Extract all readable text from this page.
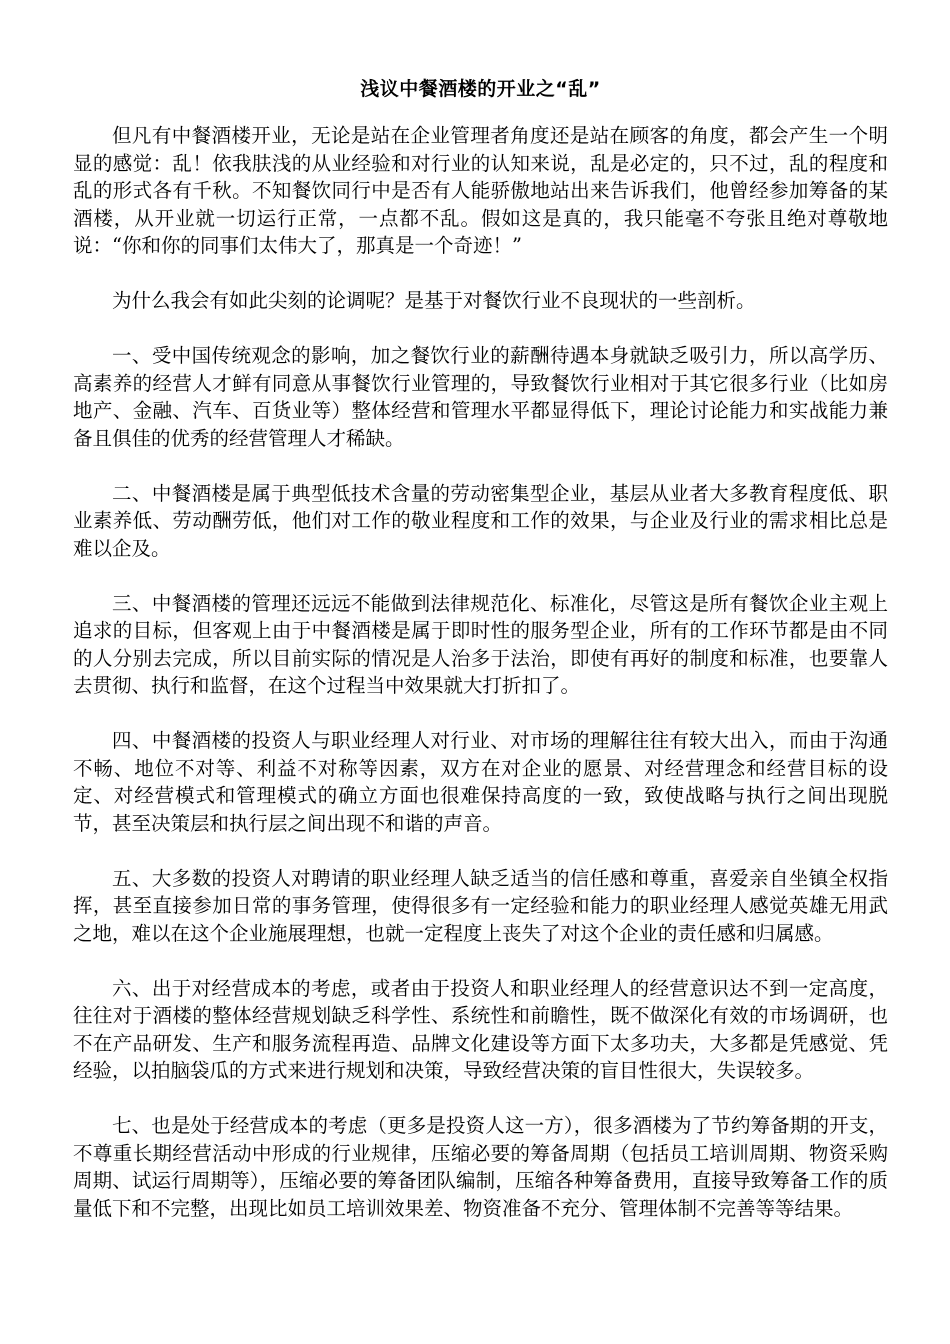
浅议中餐酒楼的开业之“乱”

但凡有中餐酒楼开业，无论是站在企业管理者角度还是站在顾客的角度，都会产生一个明显的感觉：乱！依我肤浅的从业经验和对行业的认知来说，乱是必定的，只不过，乱的程度和乱的形式各有千秋。不知餐饮同行中是否有人能骄傲地站出来告诉我们，他曾经参加筹备的某酒楼，从开业就一切运行正常，一点都不乱。假如这是真的，我只能毫不夸张且绝对尊敬地说：“你和你的同事们太伟大了，那真是一个奇迹！”

为什么我会有如此尖刻的论调呢？是基于对餐饮行业不良现状的一些剖析。

一、受中国传统观念的影响，加之餐饮行业的薪酬待遇本身就缺乏吸引力，所以高学历、高素养的经营人才鲜有同意从事餐饮行业管理的，导致餐饮行业相对于其它很多行业（比如房地产、金融、汽车、百货业等）整体经营和管理水平都显得低下，理论讨论能力和实战能力兼备且俱佳的优秀的经营管理人才稀缺。

二、中餐酒楼是属于典型低技术含量的劳动密集型企业，基层从业者大多教育程度低、职业素养低、劳动酬劳低，他们对工作的敬业程度和工作的效果，与企业及行业的需求相比总是难以企及。

三、中餐酒楼的管理还远远不能做到法律规范化、标准化，尽管这是所有餐饮企业主观上追求的目标，但客观上由于中餐酒楼是属于即时性的服务型企业，所有的工作环节都是由不同的人分别去完成，所以目前实际的情况是人治多于法治，即使有再好的制度和标准，也要靠人去贯彻、执行和监督，在这个过程当中效果就大打折扣了。

四、中餐酒楼的投资人与职业经理人对行业、对市场的理解往往有较大出入，而由于沟通不畅、地位不对等、利益不对称等因素，双方在对企业的愿景、对经营理念和经营目标的设定、对经营模式和管理模式的确立方面也很难保持高度的一致，致使战略与执行之间出现脱节，甚至决策层和执行层之间出现不和谐的声音。

五、大多数的投资人对聘请的职业经理人缺乏适当的信任感和尊重，喜爱亲自坐镇全权指挥，甚至直接参加日常的事务管理，使得很多有一定经验和能力的职业经理人感觉英雄无用武之地，难以在这个企业施展理想，也就一定程度上丧失了对这个企业的责任感和归属感。

六、出于对经营成本的考虑，或者由于投资人和职业经理人的经营意识达不到一定高度，往往对于酒楼的整体经营规划缺乏科学性、系统性和前瞻性，既不做深化有效的市场调研，也不在产品研发、生产和服务流程再造、品牌文化建设等方面下太多功夫，大多都是凭感觉、凭经验，以拍脑袋瓜的方式来进行规划和决策，导致经营决策的盲目性很大，失误较多。

七、也是处于经营成本的考虑（更多是投资人这一方），很多酒楼为了节约筹备期的开支，不尊重长期经营活动中形成的行业规律，压缩必要的筹备周期（包括员工培训周期、物资采购周期、试运行周期等），压缩必要的筹备团队编制，压缩各种筹备费用，直接导致筹备工作的质量低下和不完整，出现比如员工培训效果差、物资准备不充分、管理体制不完善等等结果。
